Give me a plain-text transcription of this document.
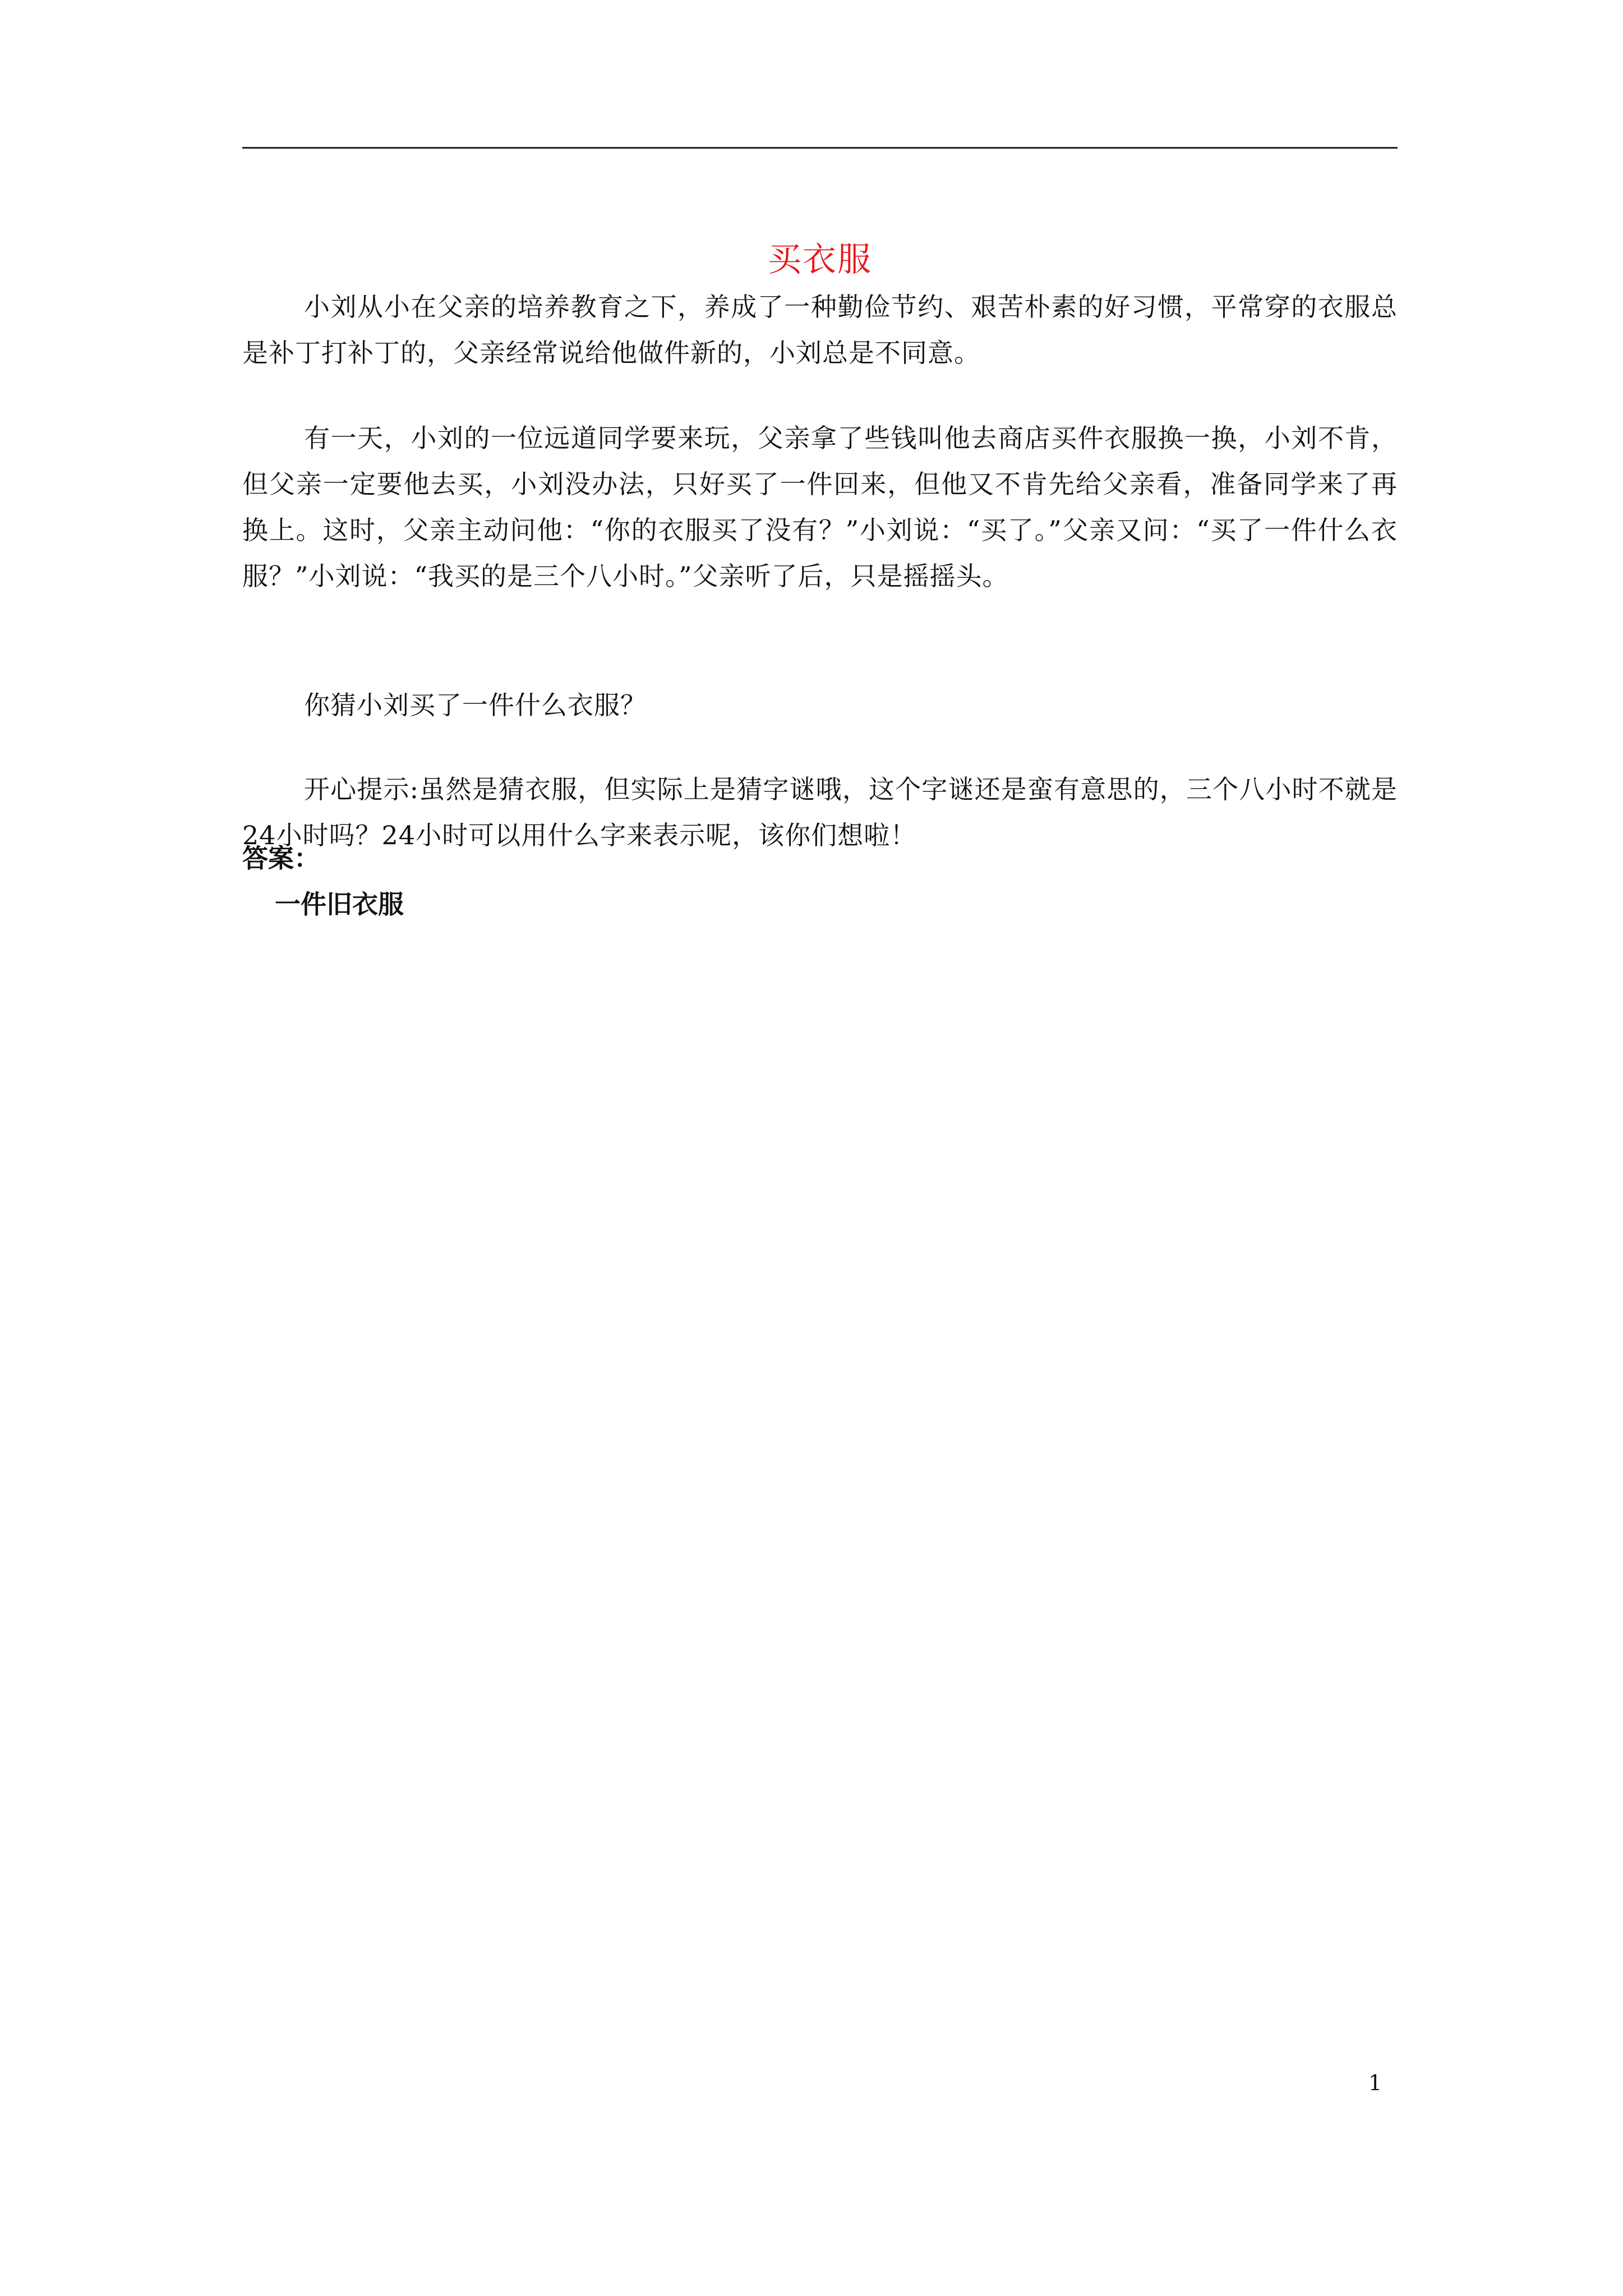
买衣服

小刘从小在父亲的培养教育之下，养成了一种勤俭节约、艰苦朴素的好习惯，平常穿的衣服总是补丁打补丁的，父亲经常说给他做件新的，小刘总是不同意。

有一天，小刘的一位远道同学要来玩，父亲拿了些钱叫他去商店买件衣服换一换，小刘不肯，但父亲一定要他去买，小刘没办法，只好买了一件回来，但他又不肯先给父亲看，准备同学来了再换上。这时，父亲主动问他：“你的衣服买了没有？”小刘说：“买了。”父亲又问：“买了一件什么衣服？”小刘说：“我买的是三个八小时。”父亲听了后，只是摇摇头。

你猜小刘买了一件什么衣服？

开心提示:虽然是猜衣服，但实际上是猜字谜哦，这个字谜还是蛮有意思的，三个八小时不就是24小时吗？24小时可以用什么字来表示呢，该你们想啦！

答案：
一件旧衣服
1
